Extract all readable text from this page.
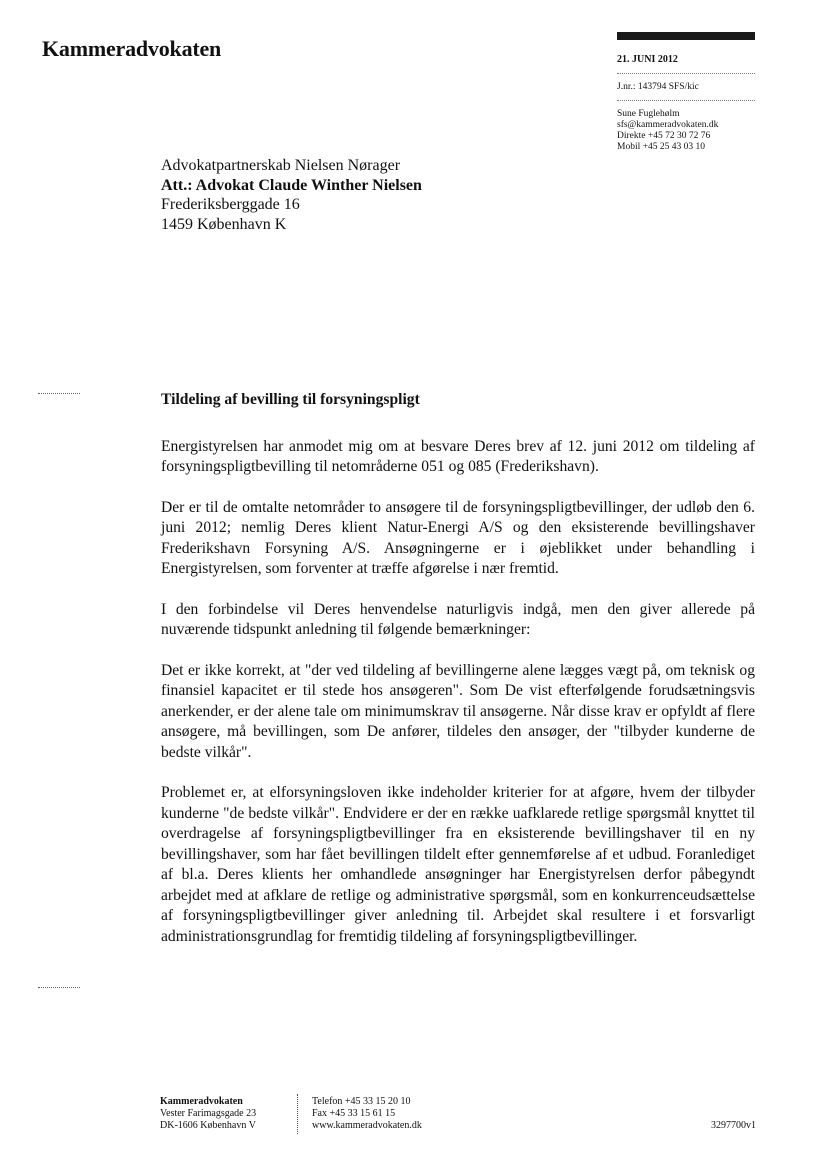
Kammeradvokaten	21. JUNI 2012
J.nr.: 143794 SFS/kic
Sune Fuglehølm
sfs@kammeradvokaten.dk
Direkte +45 72 30 72 76
Mobil +45 25 43 03 10
Advokatpartnerskab Nielsen Nørager
Att.: Advokat Claude Winther Nielsen
Frederiksberggade 16
1459 København K

Tildeling af bevilling til forsyningspligt

Energistyrelsen har anmodet mig om at besvare Deres brev af 12. juni 2012 om tildeling af forsyningspligtbevilling til netområderne 051 og 085 (Frederikshavn).

Der er til de omtalte netområder to ansøgere til de forsyningspligtbevillinger, der udløb den 6. juni 2012; nemlig Deres klient Natur-Energi A/S og den eksisterende bevillingshaver Frederikshavn Forsyning A/S. Ansøgningerne er i øjeblikket under behandling i Energistyrelsen, som forventer at træffe afgørelse i nær fremtid.

I den forbindelse vil Deres henvendelse naturligvis indgå, men den giver allerede på nuværende tidspunkt anledning til følgende bemærkninger:

Det er ikke korrekt, at "der ved tildeling af bevillingerne alene lægges vægt på, om teknisk og finansiel kapacitet er til stede hos ansøgeren". Som De vist efterfølgende forudsætningsvis anerkender, er der alene tale om minimumskrav til ansøgerne. Når disse krav er opfyldt af flere ansøgere, må bevillingen, som De anfører, tildeles den ansøger, der "tilbyder kunderne de bedste vilkår".

Problemet er, at elforsyningsloven ikke indeholder kriterier for at afgøre, hvem der tilbyder kunderne "de bedste vilkår". Endvidere er der en række uafklarede retlige spørgsmål knyttet til overdragelse af forsyningspligtbevillinger fra en eksisterende bevillingshaver til en ny bevillingshaver, som har fået bevillingen tildelt efter gennemførelse af et udbud. Foranlediget af bl.a. Deres klients her omhandlede ansøgninger har Energistyrelsen derfor påbegyndt arbejdet med at afklare de retlige og administrative spørgsmål, som en konkurrenceudsættelse af forsyningspligtbevillinger giver anledning til. Arbejdet skal resultere i et forsvarligt administrationsgrundlag for fremtidig tildeling af forsyningspligtbevillinger.

Kammeradvokaten
Vester Farimagsgade 23
DK-1606 København V
Telefon +45 33 15 20 10
Fax +45 33 15 61 15
www.kammeradvokaten.dk	3297700v1
